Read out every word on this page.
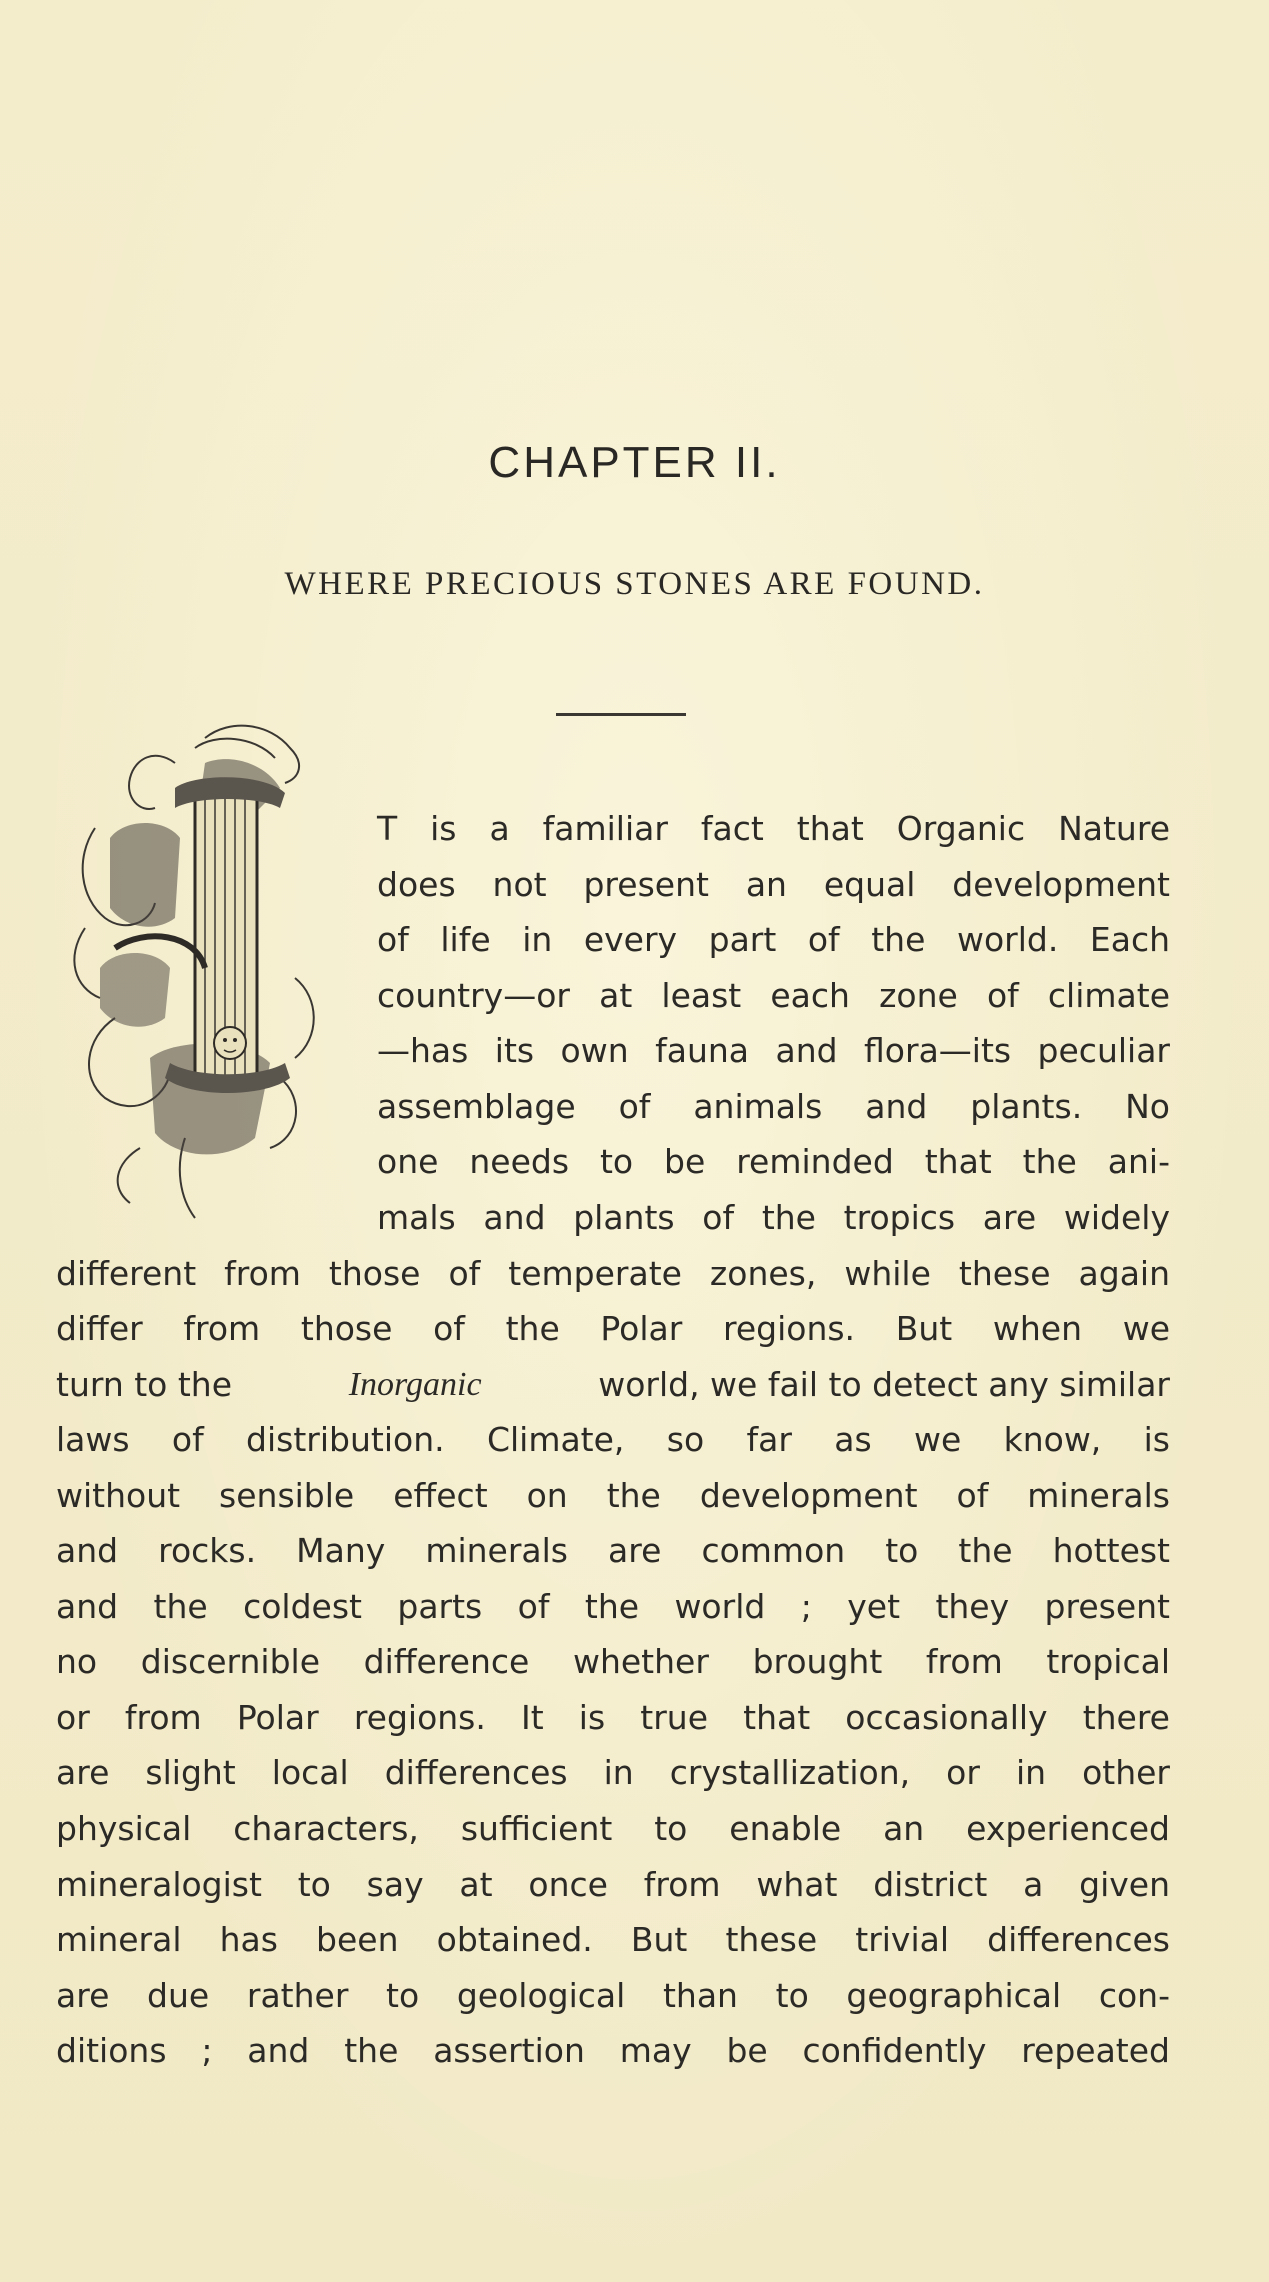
CHAPTER II.
WHERE PRECIOUS STONES ARE FOUND.
T is a familiar fact that Organic Nature
does not present an equal development
of life in every part of the world. Each
country—or at least each zone of climate
—has its own fauna and flora—its peculiar
assemblage of animals and plants. No
one needs to be reminded that the ani-
mals and plants of the tropics are widely
different from those of temperate zones, while these again
differ from those of the Polar regions. But when we
turn to the	Inorganic	world, we fail to detect any similar
laws of distribution. Climate, so far as we know, is
without sensible effect on the development of minerals
and rocks. Many minerals are common to the hottest
and the coldest parts of the world ; yet they present
no discernible difference whether brought from tropical
or from Polar regions. It is true that occasionally there
are slight local differences in crystallization, or in other
physical characters, sufficient to enable an experienced
mineralogist to say at once from what district a given
mineral has been obtained. But these trivial differences
are due rather to geological than to geographical con-
ditions ; and the assertion may be confidently repeated
